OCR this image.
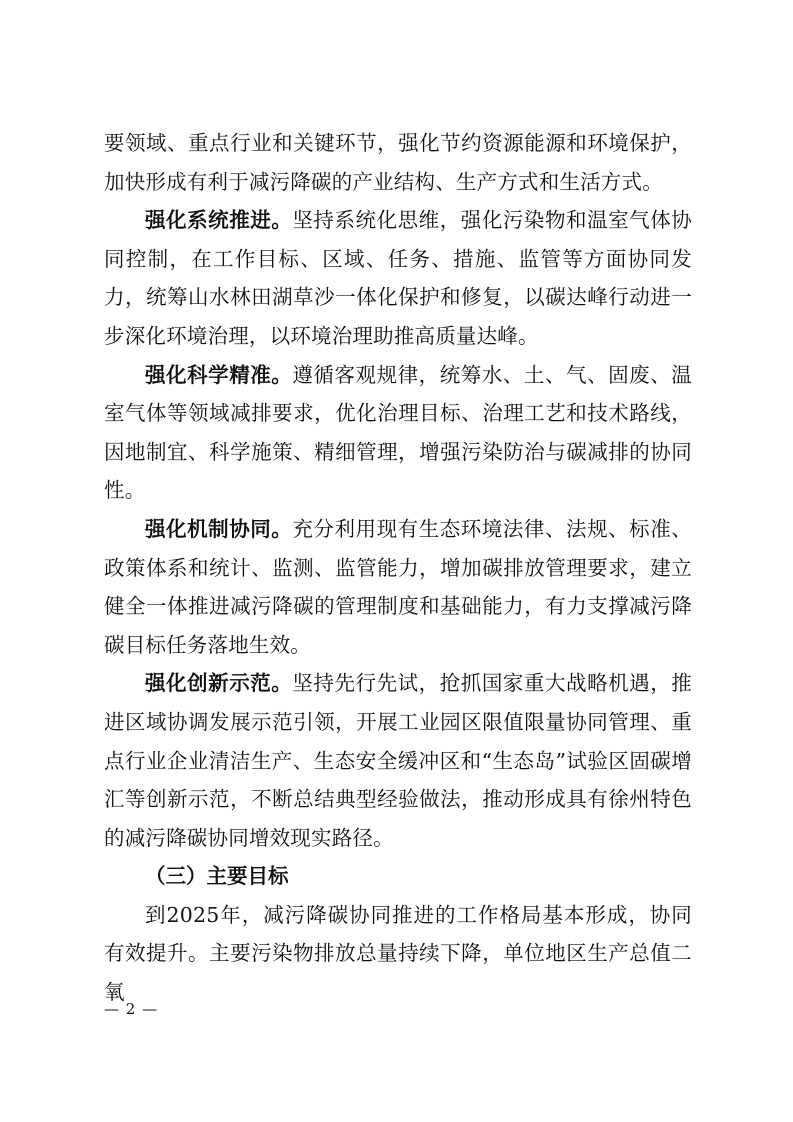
要领域、重点行业和关键环节，强化节约资源能源和环境保护，加快形成有利于减污降碳的产业结构、生产方式和生活方式。

强化系统推进。坚持系统化思维，强化污染物和温室气体协同控制，在工作目标、区域、任务、措施、监管等方面协同发力，统筹山水林田湖草沙一体化保护和修复，以碳达峰行动进一步深化环境治理，以环境治理助推高质量达峰。

强化科学精准。遵循客观规律，统筹水、土、气、固废、温室气体等领域减排要求，优化治理目标、治理工艺和技术路线，因地制宜、科学施策、精细管理，增强污染防治与碳减排的协同性。

强化机制协同。充分利用现有生态环境法律、法规、标准、政策体系和统计、监测、监管能力，增加碳排放管理要求，建立健全一体推进减污降碳的管理制度和基础能力，有力支撑减污降碳目标任务落地生效。

强化创新示范。坚持先行先试，抢抓国家重大战略机遇，推进区域协调发展示范引领，开展工业园区限值限量协同管理、重点行业企业清洁生产、生态安全缓冲区和“生态岛”试验区固碳增汇等创新示范，不断总结典型经验做法，推动形成具有徐州特色的减污降碳协同增效现实路径。

（三）主要目标

到2025年，减污降碳协同推进的工作格局基本形成，协同有效提升。主要污染物排放总量持续下降，单位地区生产总值二氧

— 2 —
